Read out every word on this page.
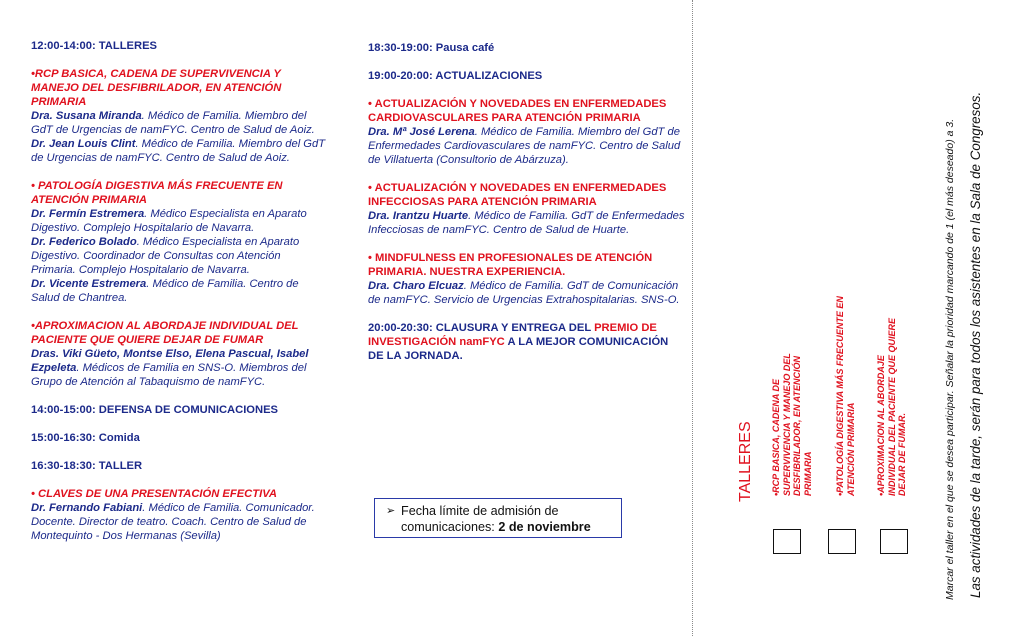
12:00-14:00: TALLERES
•RCP BASICA, CADENA DE SUPERVIVENCIA Y MANEJO DEL DESFIBRILADOR, EN ATENCIÓN PRIMARIA
Dra. Susana Miranda. Médico de Familia. Miembro del GdT de Urgencias de namFYC. Centro de Salud de Aoiz.
Dr. Jean Louis Clint. Médico de Familia. Miembro del GdT de Urgencias de namFYC. Centro de Salud de Aoiz.
• PATOLOGÍA DIGESTIVA MÁS FRECUENTE EN ATENCIÓN PRIMARIA
Dr. Fermín Estremera. Médico Especialista en Aparato Digestivo. Complejo Hospitalario de Navarra.
Dr. Federico Bolado. Médico Especialista en Aparato Digestivo. Coordinador de Consultas con Atención Primaria. Complejo Hospitalario de Navarra.
Dr. Vicente Estremera. Médico de Familia. Centro de Salud de Chantrea.
•APROXIMACION AL ABORDAJE INDIVIDUAL DEL PACIENTE QUE QUIERE DEJAR DE FUMAR
Dras. Viki Güeto, Montse Elso, Elena Pascual, Isabel Ezpeleta. Médicos de Familia en SNS-O. Miembros del Grupo de Atención al Tabaquismo de namFYC.
14:00-15:00: DEFENSA DE COMUNICACIONES
15:00-16:30: Comida
16:30-18:30: TALLER
• CLAVES DE UNA PRESENTACIÓN EFECTIVA
Dr. Fernando Fabiani. Médico de Familia. Comunicador. Docente. Director de teatro. Coach. Centro de Salud de Montequinto - Dos Hermanas (Sevilla)
18:30-19:00: Pausa café
19:00-20:00: ACTUALIZACIONES
• ACTUALIZACIÓN Y NOVEDADES EN ENFERMEDADES CARDIOVASCULARES PARA ATENCIÓN PRIMARIA
Dra. Mª José Lerena. Médico de Familia. Miembro del GdT de Enfermedades Cardiovasculares de namFYC. Centro de Salud de Villatuerta (Consultorio de Abárzuza).
• ACTUALIZACIÓN Y NOVEDADES EN ENFERMEDADES INFECCIOSAS PARA ATENCIÓN PRIMARIA
Dra. Irantzu Huarte. Médico de Familia. GdT de Enfermedades Infecciosas de namFYC. Centro de Salud de Huarte.
• MINDFULNESS EN PROFESIONALES DE ATENCIÓN PRIMARIA. NUESTRA EXPERIENCIA.
Dra. Charo Elcuaz. Médico de Familia. GdT de Comunicación de namFYC. Servicio de Urgencias Extrahospitalarias. SNS-O.
20:00-20:30: CLAUSURA Y ENTREGA DEL PREMIO DE INVESTIGACIÓN namFYC A LA MEJOR COMUNICACIÓN DE LA JORNADA.
➢ Fecha límite de admisión de comunicaciones: 2 de noviembre
TALLERES •RCP BASICA, CADENA DE SUPERVIVENCIA Y MANEJO DEL DESFIBRILADOR, EN ATENCIÓN PRIMARIA	•PATOLOGÍA DIGESTIVA MÁS FRECUENTE EN ATENCIÓN PRIMARIA •APROXIMACION AL ABORDAJE INDIVIDUAL DEL PACIENTE QUE QUIERE DEJAR DE FUMAR.	Marcar el taller en el que se desea participar. Señalar la prioridad marcando de 1 (el más deseado) a 3. Las actividades de la tarde, serán para todos los asistentes en la Sala de Congresos.
